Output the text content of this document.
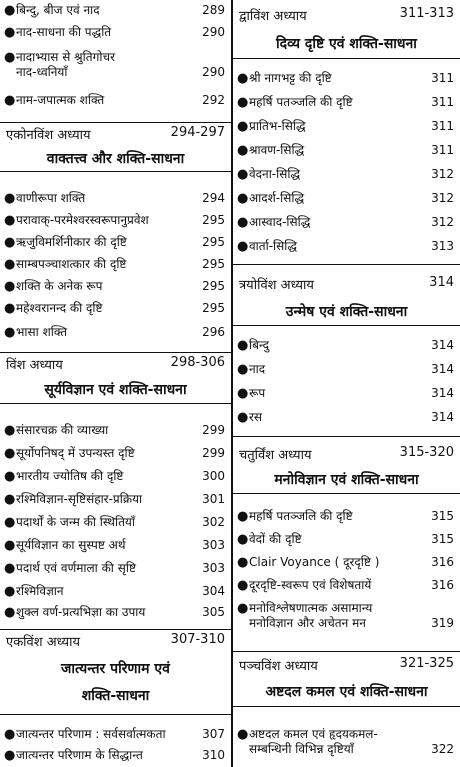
● बिन्दु, बीज एवं नाद	289
● नाद-साधना की पद्धति	290
● नादाभ्यास से श्रुतिगोचर
नाद-ध्वनियाँ	290
● नाम-जपात्मक शक्ति	292
एकोनविंश अध्याय	294-297
वाक्तत्त्व और शक्ति-साधना
● वाणीरूपा शक्ति	294
● परावाक्-परमेश्वरस्वरूपानुप्रवेश	295
● ऋजुविमर्शिनीकार की दृष्टि	295
● साम्बपञ्चाशत्कार की दृष्टि	295
● शक्ति के अनेक रूप	295
● महेश्वरानन्द की दृष्टि	295
● भासा शक्ति	296
विंश अध्याय	298-306
सूर्यविज्ञान एवं शक्ति-साधना
● संसारचक्र की व्याख्या	299
● सूर्योपनिषद् में उपन्यस्त दृष्टि	299
● भारतीय ज्योतिष की दृष्टि	300
● रश्मिविज्ञान-सृष्टिसंहार-प्रक्रिया	301
● पदार्थों के जन्म की स्थितियाँ	302
● सूर्यविज्ञान का सुस्पष्ट अर्थ	303
● पदार्थ एवं वर्णमाला की सृष्टि	303
● रश्मिविज्ञान	304
● शुक्ल वर्ण-प्रत्यभिज्ञा का उपाय	305
एकविंश अध्याय	307-310
जात्यन्तर परिणाम एवं
शक्ति-साधना
● जात्यन्तर परिणाम : सर्वसर्वात्मकता	307
● जात्यन्तर परिणाम के सिद्धान्त	310
द्वाविंश अध्याय	311-313
दिव्य दृष्टि एवं शक्ति-साधना
● श्री नागभट्ट की दृष्टि	311
● महर्षि पतञ्जलि की दृष्टि	311
● प्रातिभ-सिद्धि	311
● श्रावण-सिद्धि	311
● वेदना-सिद्धि	312
● आदर्श-सिद्धि	312
● आस्वाद-सिद्धि	312
● वार्ता-सिद्धि	313
त्रयोविंश अध्याय	314
उन्मेष एवं शक्ति-साधना
● बिन्दु	314
● नाद	314
● रूप	314
● रस	314
चतुर्विंश अध्याय	315-320
मनोविज्ञान एवं शक्ति-साधना
● महर्षि पतञ्जलि की दृष्टि	315
● वेदों की दृष्टि	315
● Clair Voyance ( दूरदृष्टि )	316
● दूरदृष्टि-स्वरूप एवं विशेषतायें	316
● मनोविश्लेषणात्मक असामान्य
मनोविज्ञान और अचेतन मन	319
पञ्चविंश अध्याय	321-325
अष्टदल कमल एवं शक्ति-साधना
● अष्टदल कमल एवं हृदयकमल-
सम्बन्धिनी विभिन्न दृष्टियाँ	322
